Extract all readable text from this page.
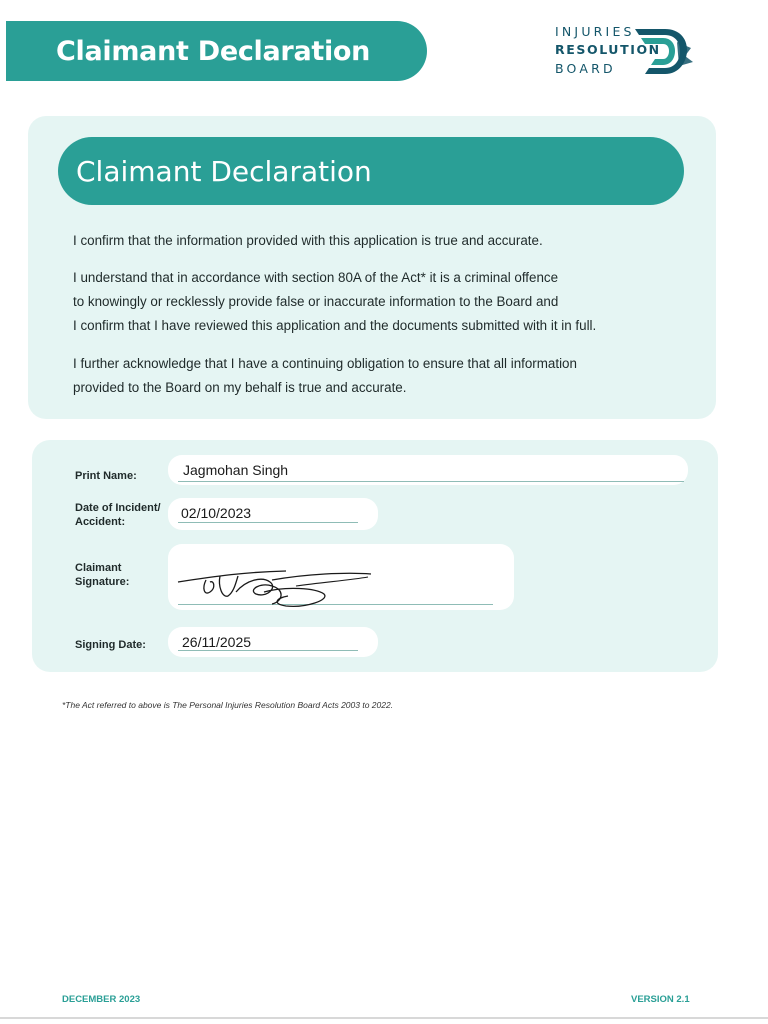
Claimant Declaration
INJURIES
RESOLUTION
BOARD
Claimant Declaration
I confirm that the information provided with this application is true and accurate.
I understand that in accordance with section 80A of the Act* it is a criminal offence
to knowingly or recklessly provide false or inaccurate information to the Board and
I confirm that I have reviewed this application and the documents submitted with it in full.
I further acknowledge that I have a continuing obligation to ensure that all information
provided to the Board on my behalf is true and accurate.
Print Name:	Jagmohan Singh
Date of Incident/
Accident:
02/10/2023
Claimant
Signature:
Signing Date:	26/11/2025
*The Act referred to above is The Personal Injuries Resolution Board Acts 2003 to 2022.
DECEMBER 2023	VERSION 2.1
